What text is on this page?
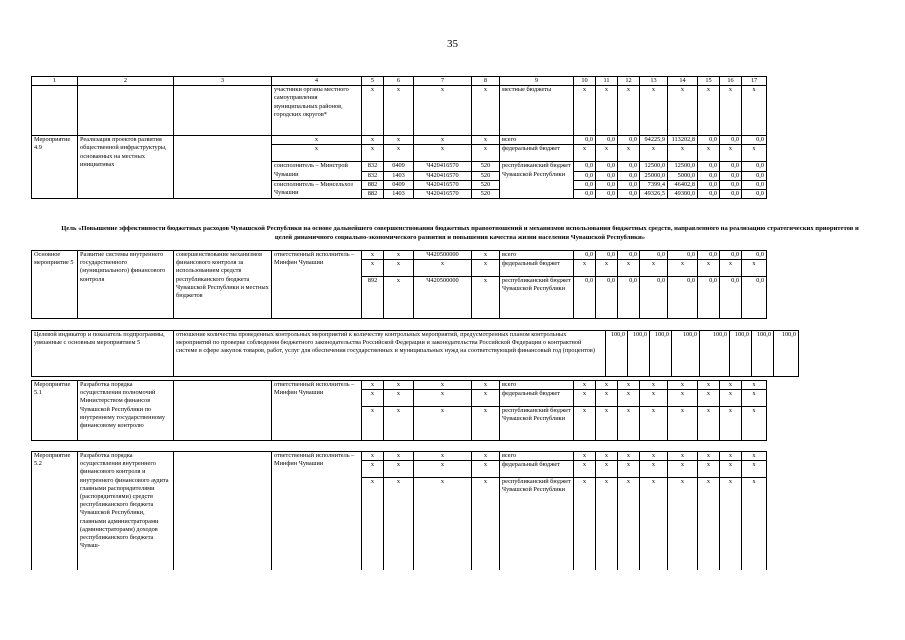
35
1	2	3	4	5	6	7	8	9	10	11	12	13	14	15	16	17
			участники органы местного самоуправления муниципальных районов, городских округов*	x	x	x	x	местные бюджеты	x	x	x	x	x	x	x	x
Мероприятие 4.9	Реализация проектов развития общественной инфраструктуры, основанных на местных инициативах		x	x	x	x	x	всего	0,0	0,0	0,0	94225,9	113202,8	0,0	0,0	0,0
			x	x	x	x	x	федеральный бюджет	x	x	x	x	x	x	x	x
			соисполнитель – Минстрой Чувашии	832	0409	Ч420416570	520	республиканский бюджет Чувашской Республики	0,0	0,0	0,0	12500,0	12500,0	0,0	0,0	0,0
				832	1403	Ч420416570	520		0,0	0,0	0,0	25000,0	5000,0	0,0	0,0	0,0
			соисполнитель – Минсельхоз Чувашии	882	0409	Ч420416570	520		0,0	0,0	0,0	7399,4	46402,8	0,0	0,0	0,0
				882	1403	Ч420416570	520		0,0	0,0	0,0	49326,5	49300,0	0,0	0,0	0,0
Цель «Повышение эффективности бюджетных расходов Чувашской Республики на основе дальнейшего совершенствования бюджетных правоотношений и механизмов использования бюджетных средств, направленного на реализацию стратегических приоритетов и целей динамичного социально-экономического развития и повышения качества жизни населения Чувашской Республики»
Основное мероприятие 5	Развитие системы внутреннего государственного (муниципального) финансового контроля	совершенствование механизмов финансового контроля за использованием средств республиканского бюджета Чувашской Республики и местных бюджетов	ответственный исполнитель – Минфин Чувашии	x	x	Ч420500000	x	всего	0,0	0,0	0,0	0,0	0,0	0,0	0,0	0,0
				x	x	x	x	федеральный бюджет	x	x	x	x	x	x	x	x
				892	x	Ч420500000	x	республиканский бюджет Чувашской Республики	0,0	0,0	0,0	0,0	0,0	0,0	0,0	0,0
Целевой индикатор и показатель подпрограммы, увязанные с основным мероприятием 5	отношение количества проведенных контрольных мероприятий к количеству контрольных мероприятий, предусмотренных планом контрольных мероприятий по проверке соблюдения бюджетного законодательства Российской Федерации и законодательства Российской Федерации о контрактной системе в сфере закупок товаров, работ, услуг для обеспечения государственных и муниципальных нужд на соответствующий финансовый год (процентов)	100,0	100,0	100,0	100,0	100,0	100,0	100,0	100,0
Мероприятие 5.1	Разработка порядка осуществления полномочий Министерством финансов Чувашской Республики по внутреннему государственному финансовому контролю		ответственный исполнитель – Минфин Чувашии	x	x	x	x	всего	x	x	x	x	x	x	x	x
				x	x	x	x	федеральный бюджет	x	x	x	x	x	x	x	x
				x	x	x	x	республиканский бюджет Чувашской Республики	x	x	x	x	x	x	x	x
Мероприятие 5.2	Разработка порядка осуществления внутреннего финансового контроля и внутреннего финансового аудита главными распорядителями (распорядителями) средств республиканского бюджета Чувашской Республики, главными администраторами (администраторами) доходов республиканского бюджета Чуваш-		ответственный исполнитель – Минфин Чувашии	x	x	x	x	всего	x	x	x	x	x	x	x	x
				x	x	x	x	федеральный бюджет	x	x	x	x	x	x	x	x
				x	x	x	x	республиканский бюджет Чувашской Республики	x	x	x	x	x	x	x	x
